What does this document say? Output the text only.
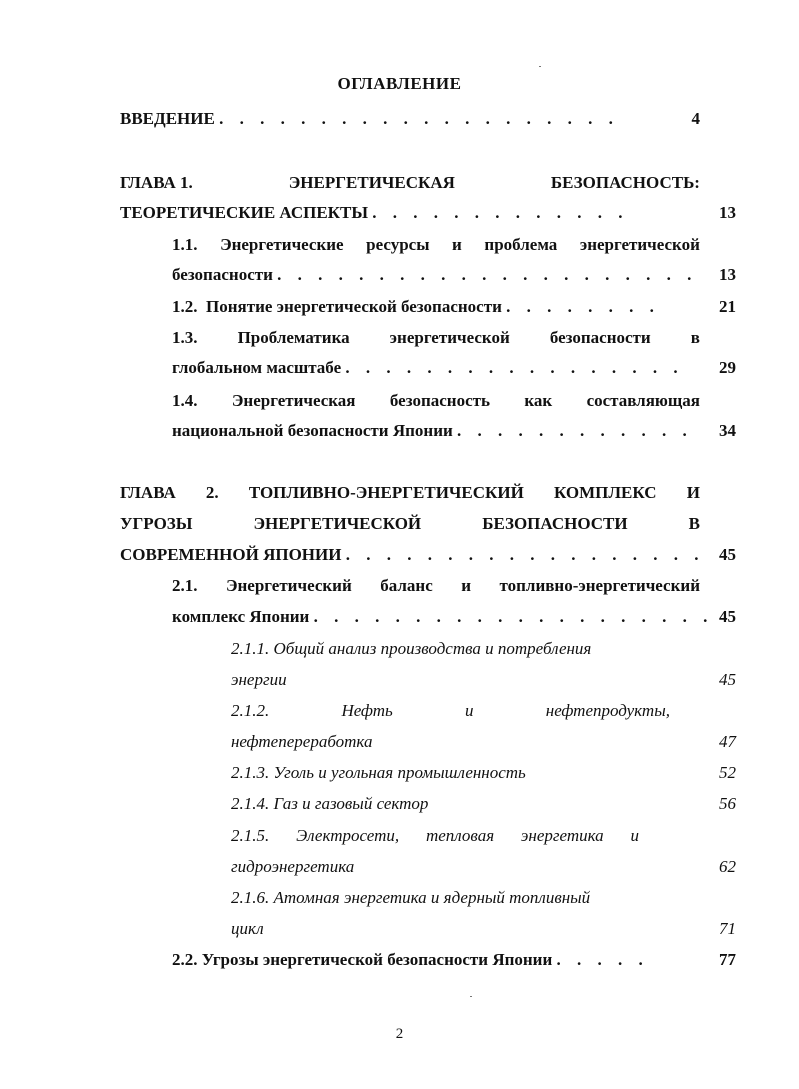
ОГЛАВЛЕНИЕ
ВВЕДЕНИЕ . . . . . . . . . . . . . . . . . . . .	4
ГЛАВА 1.	ЭНЕРГЕТИЧЕСКАЯ	БЕЗОПАСНОСТЬ:
ТЕОРЕТИЧЕСКИЕ АСПЕКТЫ . . . . . . . . . . . . .	13
1.1. Энергетические ресурсы и проблема энергетической
безопасности . . . . . . . . . . . . . . . . . . . . . 13
1.2.  Понятие энергетической безопасности . . . . . . . .	21
1.3. Проблематика энергетической безопасности в
глобальном масштабе . . . . . . . . . . . . . . . . . 29
1.4. Энергетическая безопасность как составляющая
национальной безопасности Японии . . . . . . . . . . . . 34
ГЛАВА 2. ТОПЛИВНО-ЭНЕРГЕТИЧЕСКИЙ КОМПЛЕКС И
УГРОЗЫ	ЭНЕРГЕТИЧЕСКОЙ	БЕЗОПАСНОСТИ	В
СОВРЕМЕННОЙ ЯПОНИИ . . . . . . . . . . . . . . . . . . 45
2.1. Энергетический баланс и топливно-энергетический
комплекс Японии . . . . . . . . . . . . . . . . . . . . 45
2.1.1. Общий анализ производства и потребления
энергии	45
2.1.2.	Нефть	и	нефтепродукты,
нефтепереработка	47
2.1.3. Уголь и угольная промышленность	52
2.1.4. Газ и газовый сектор	56
2.1.5. Электросети, тепловая энергетика и
гидроэнергетика	62
2.1.6. Атомная энергетика и ядерный топливный
цикл	71
2.2. Угрозы энергетической безопасности Японии . . . . .	77
2
